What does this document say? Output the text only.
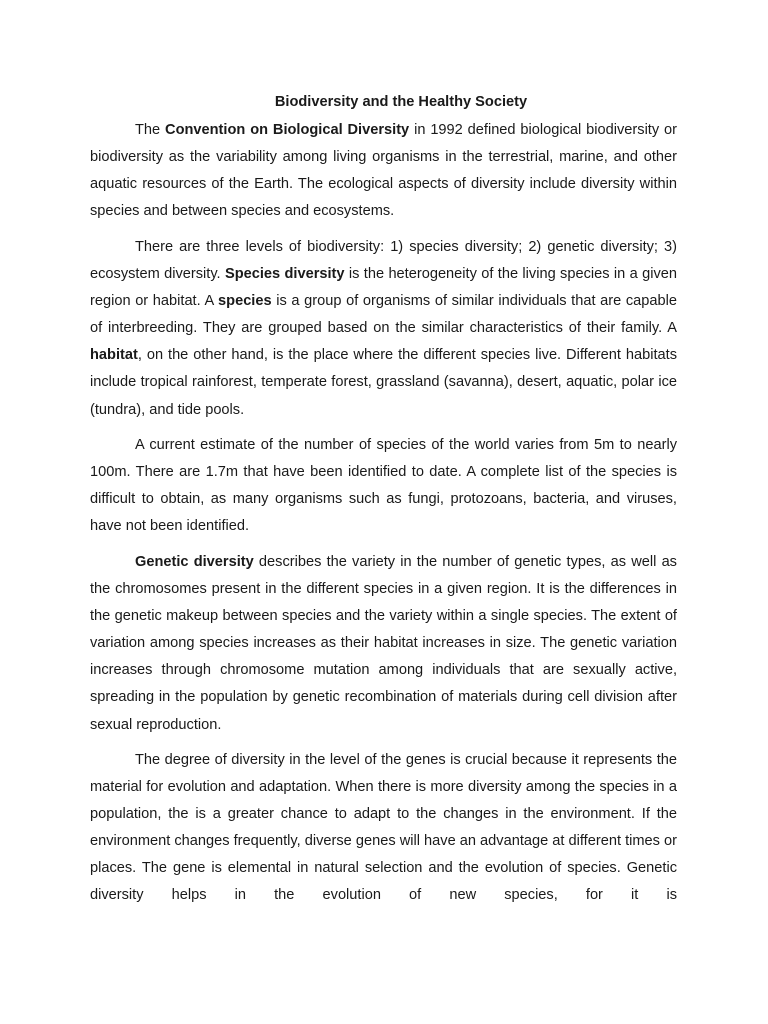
Biodiversity and the Healthy Society

The Convention on Biological Diversity in 1992 defined biological biodiversity or biodiversity as the variability among living organisms in the terrestrial, marine, and other aquatic resources of the Earth. The ecological aspects of diversity include diversity within species and between species and ecosystems.

There are three levels of biodiversity: 1) species diversity; 2) genetic diversity; 3) ecosystem diversity. Species diversity is the heterogeneity of the living species in a given region or habitat. A species is a group of organisms of similar individuals that are capable of interbreeding. They are grouped based on the similar characteristics of their family. A habitat, on the other hand, is the place where the different species live. Different habitats include tropical rainforest, temperate forest, grassland (savanna), desert, aquatic, polar ice (tundra), and tide pools.

A current estimate of the number of species of the world varies from 5m to nearly 100m. There are 1.7m that have been identified to date. A complete list of the species is difficult to obtain, as many organisms such as fungi, protozoans, bacteria, and viruses, have not been identified.

Genetic diversity describes the variety in the number of genetic types, as well as the chromosomes present in the different species in a given region. It is the differences in the genetic makeup between species and the variety within a single species. The extent of variation among species increases as their habitat increases in size. The genetic variation increases through chromosome mutation among individuals that are sexually active, spreading in the population by genetic recombination of materials during cell division after sexual reproduction.

The degree of diversity in the level of the genes is crucial because it represents the material for evolution and adaptation. When there is more diversity among the species in a population, the is a greater chance to adapt to the changes in the environment. If the environment changes frequently, diverse genes will have an advantage at different times or places. The gene is elemental in natural selection and the evolution of species. Genetic diversity helps in the evolution of new species, for it is
